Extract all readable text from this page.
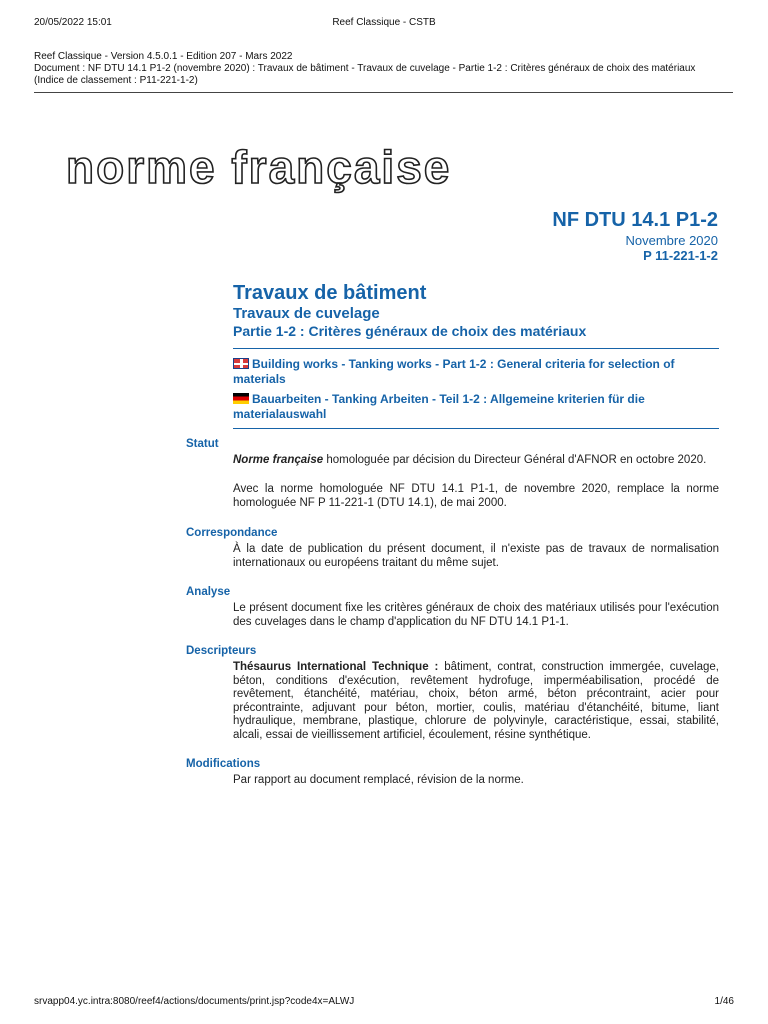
20/05/2022 15:01	Reef Classique - CSTB
Reef Classique - Version 4.5.0.1 - Edition 207 - Mars 2022
Document : NF DTU 14.1 P1-2 (novembre 2020) : Travaux de bâtiment - Travaux de cuvelage - Partie 1-2 : Critères généraux de choix des matériaux
(Indice de classement : P11-221-1-2)
norme française
NF DTU 14.1 P1-2
Novembre 2020
P 11-221-1-2
Travaux de bâtiment
Travaux de cuvelage
Partie 1-2 : Critères généraux de choix des matériaux
Building works - Tanking works - Part 1-2 : General criteria for selection of materials
Bauarbeiten - Tanking Arbeiten - Teil 1-2 : Allgemeine kriterien für die materialauswahl
Statut
Norme française homologuée par décision du Directeur Général d'AFNOR en octobre 2020.
Avec la norme homologuée NF DTU 14.1 P1-1, de novembre 2020, remplace la norme homologuée NF P 11-221-1 (DTU 14.1), de mai 2000.
Correspondance
À la date de publication du présent document, il n'existe pas de travaux de normalisation internationaux ou européens traitant du même sujet.
Analyse
Le présent document fixe les critères généraux de choix des matériaux utilisés pour l'exécution des cuvelages dans le champ d'application du NF DTU 14.1 P1-1.
Descripteurs
Thésaurus International Technique : bâtiment, contrat, construction immergée, cuvelage, béton, conditions d'exécution, revêtement hydrofuge, imperméabilisation, procédé de revêtement, étanchéité, matériau, choix, béton armé, béton précontraint, acier pour précontrainte, adjuvant pour béton, mortier, coulis, matériau d'étanchéité, bitume, liant hydraulique, membrane, plastique, chlorure de polyvinyle, caractéristique, essai, stabilité, alcali, essai de vieillissement artificiel, écoulement, résine synthétique.
Modifications
Par rapport au document remplacé, révision de la norme.
srvapp04.yc.intra:8080/reef4/actions/documents/print.jsp?code4x=ALWJ	1/46
